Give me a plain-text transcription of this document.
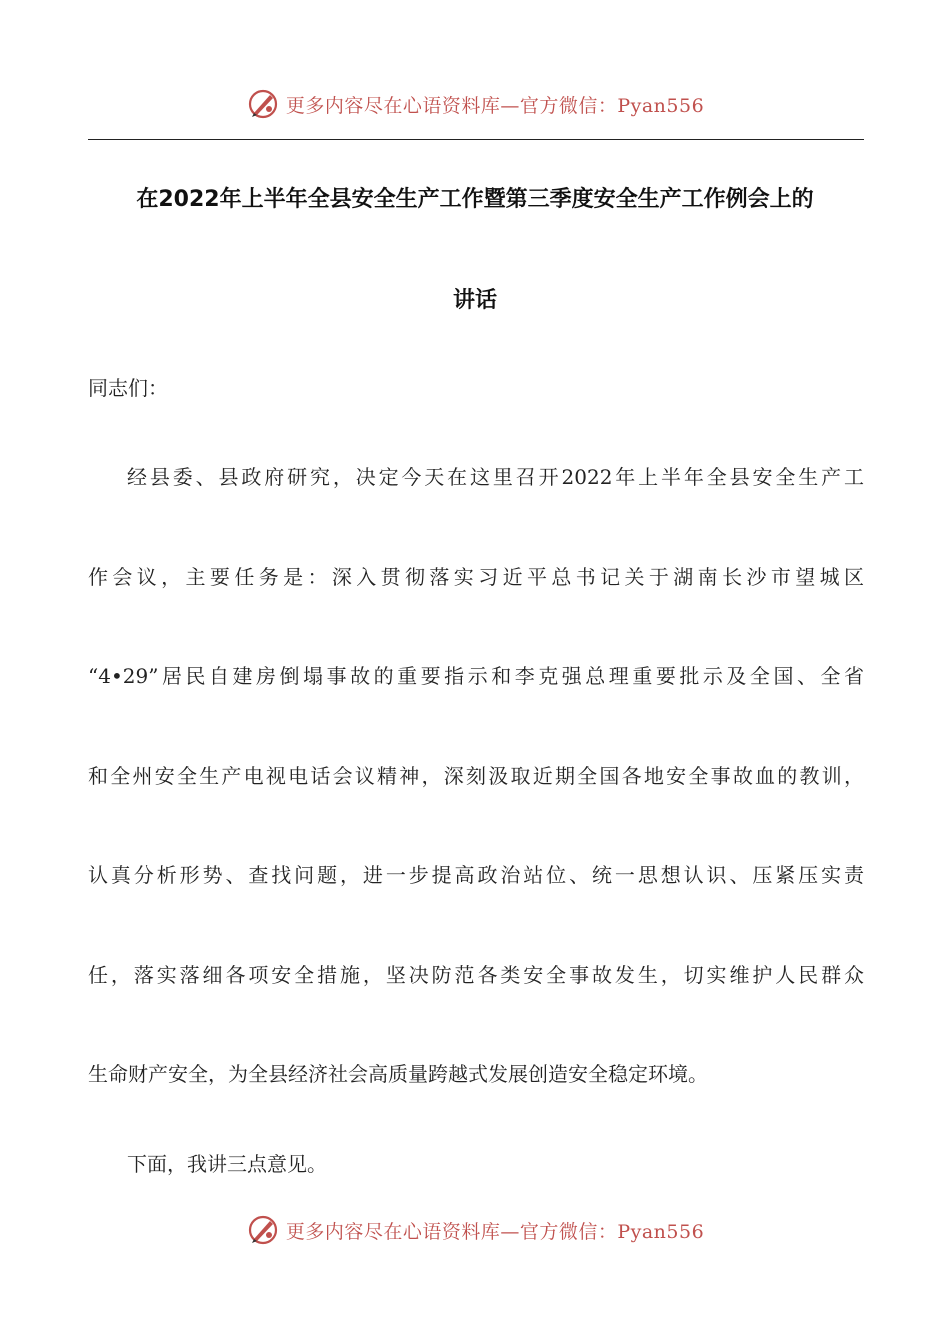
更多内容尽在心语资料库—官方微信：Pyan556
在2022年上半年全县安全生产工作暨第三季度安全生产工作例会上的
讲话
同志们：
经县委、县政府研究，决定今天在这里召开2022年上半年全县安全生产工
作会议，主要任务是：深入贯彻落实习近平总书记关于湖南长沙市望城区
“4•29”居民自建房倒塌事故的重要指示和李克强总理重要批示及全国、全省
和全州安全生产电视电话会议精神，深刻汲取近期全国各地安全事故血的教训，
认真分析形势、查找问题，进一步提高政治站位、统一思想认识、压紧压实责
任，落实落细各项安全措施，坚决防范各类安全事故发生，切实维护人民群众
生命财产安全，为全县经济社会高质量跨越式发展创造安全稳定环境。
下面，我讲三点意见。
更多内容尽在心语资料库—官方微信：Pyan556
